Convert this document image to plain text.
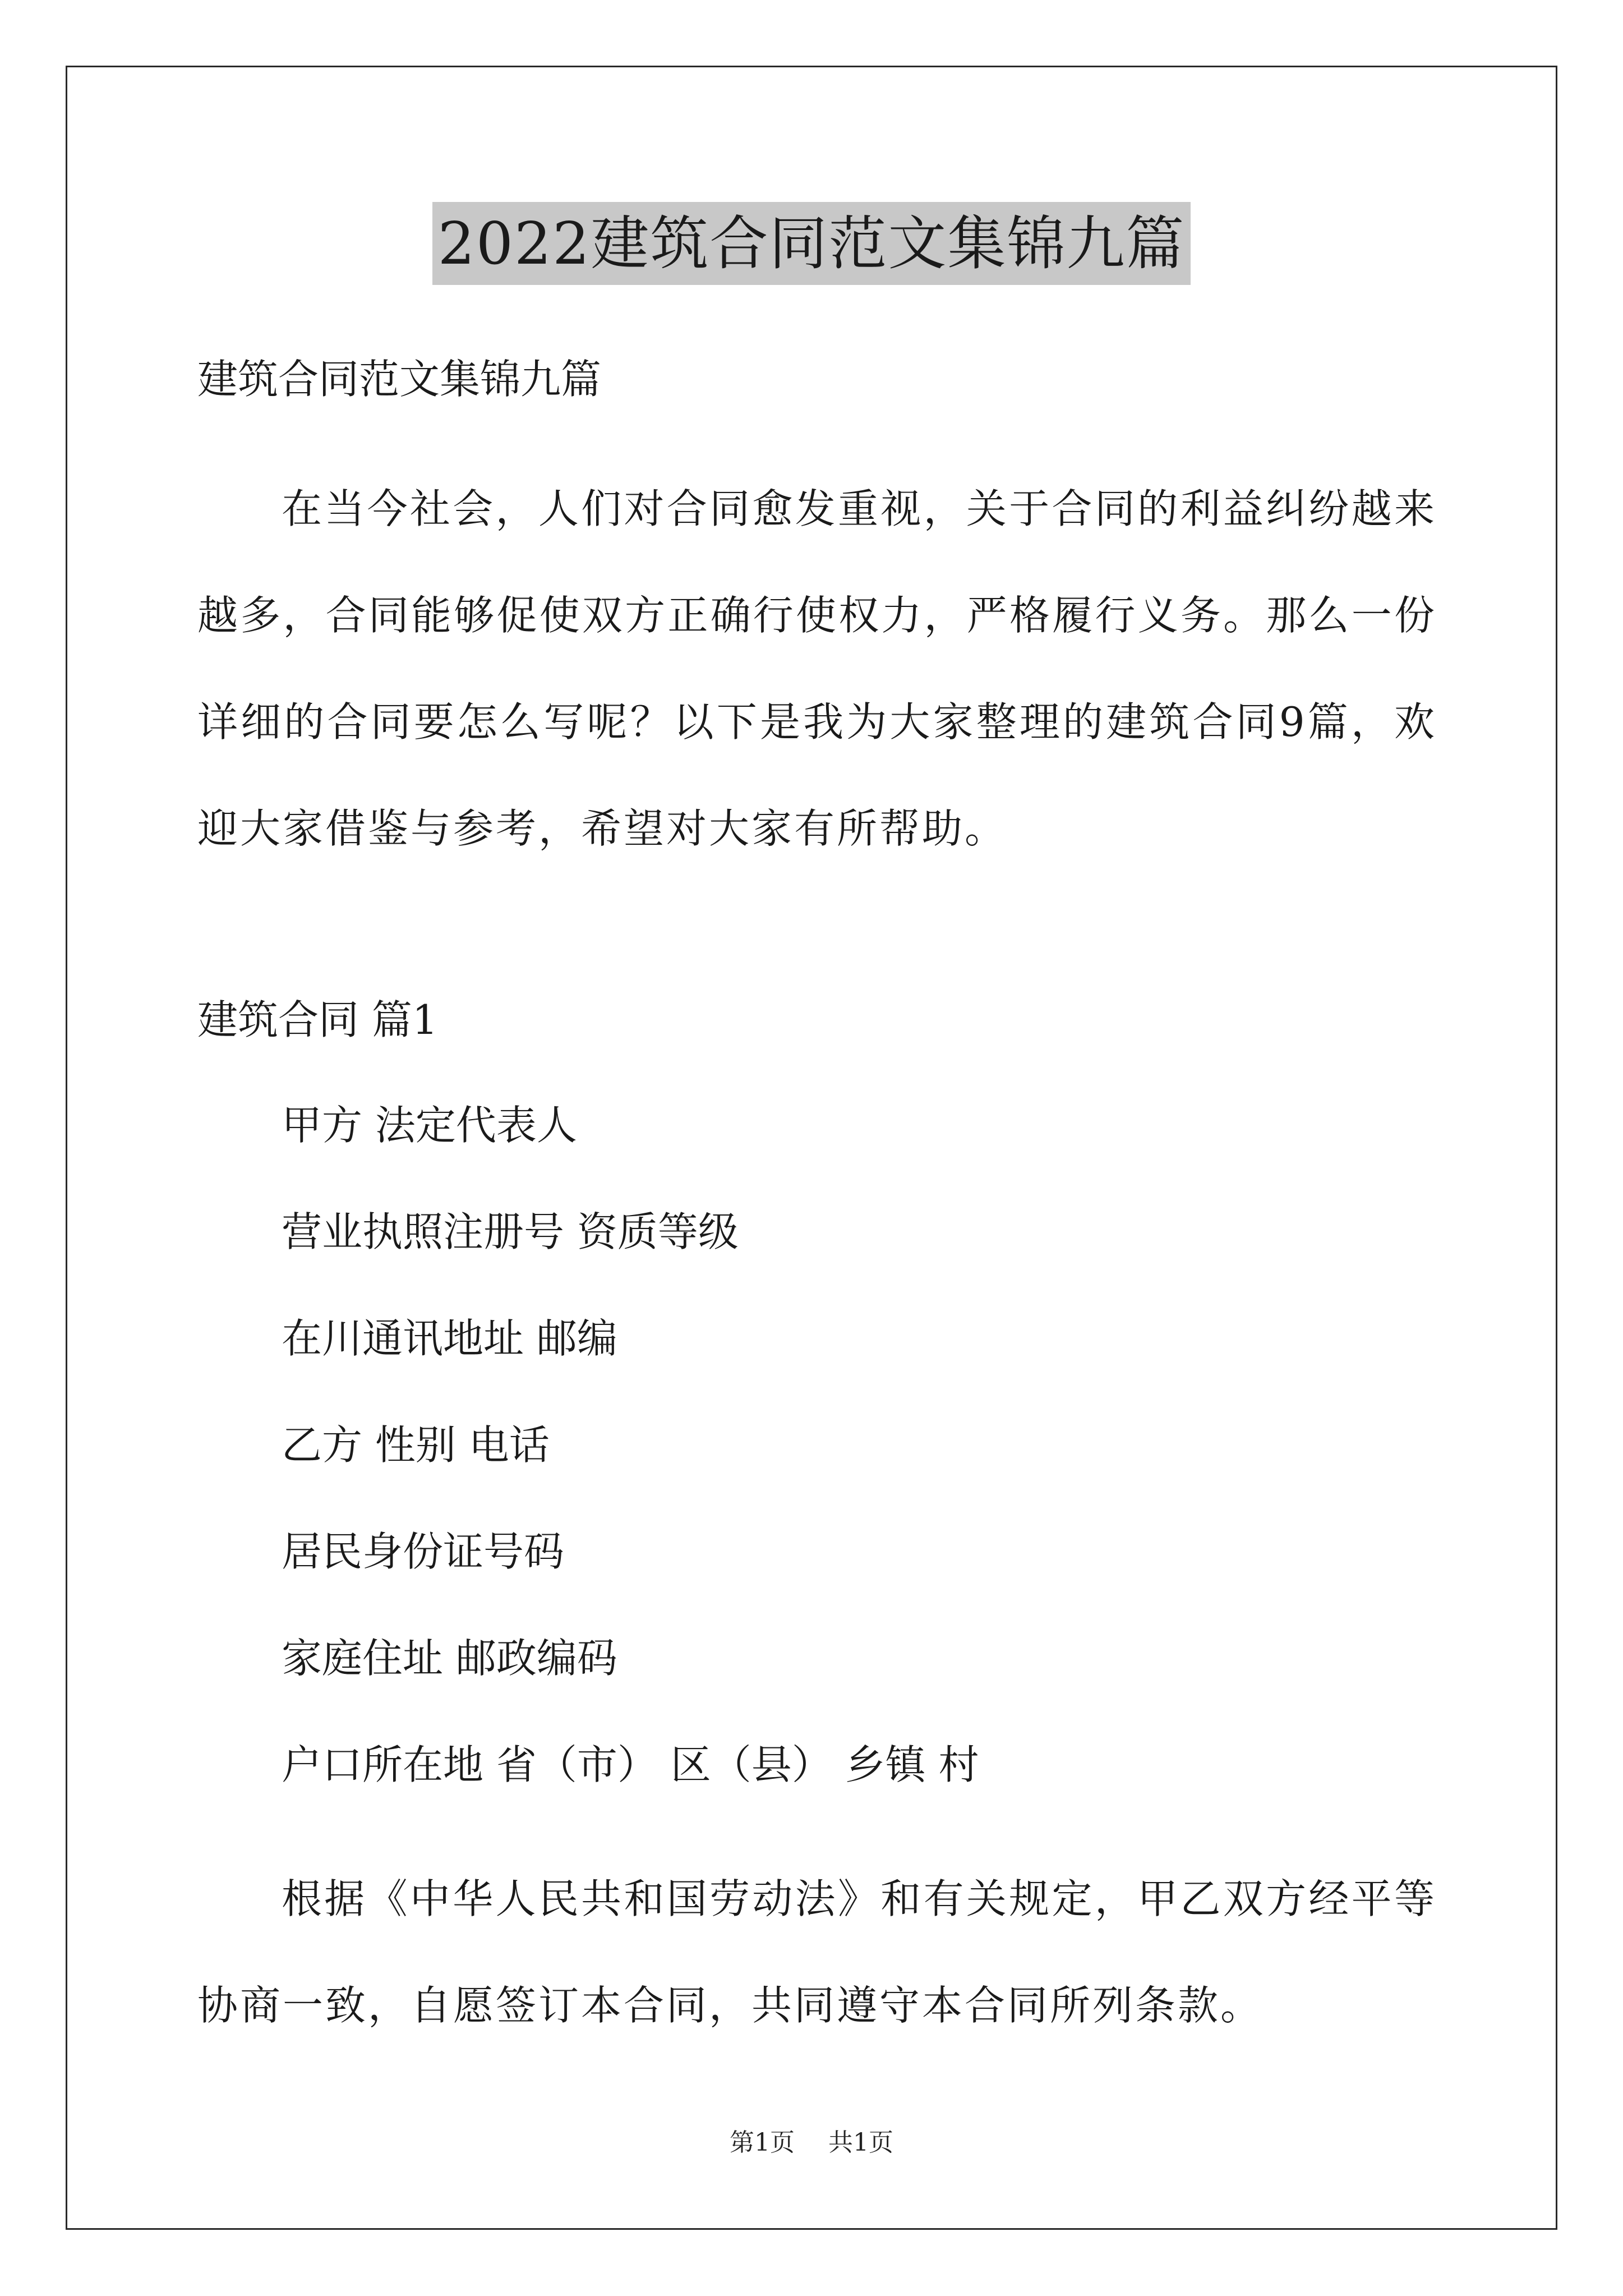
2022建筑合同范文集锦九篇
建筑合同范文集锦九篇
在当今社会，人们对合同愈发重视，关于合同的利益纠纷越来越多，合同能够促使双方正确行使权力，严格履行义务。那么一份详细的合同要怎么写呢？以下是我为大家整理的建筑合同9篇，欢迎大家借鉴与参考，希望对大家有所帮助。
建筑合同 篇1
甲方 法定代表人
营业执照注册号 资质等级
在川通讯地址 邮编
乙方 性别 电话
居民身份证号码
家庭住址 邮政编码
户口所在地 省（市） 区（县） 乡镇 村
根据《中华人民共和国劳动法》和有关规定，甲乙双方经平等协商一致，自愿签订本合同，共同遵守本合同所列条款。
第1页 共1页
